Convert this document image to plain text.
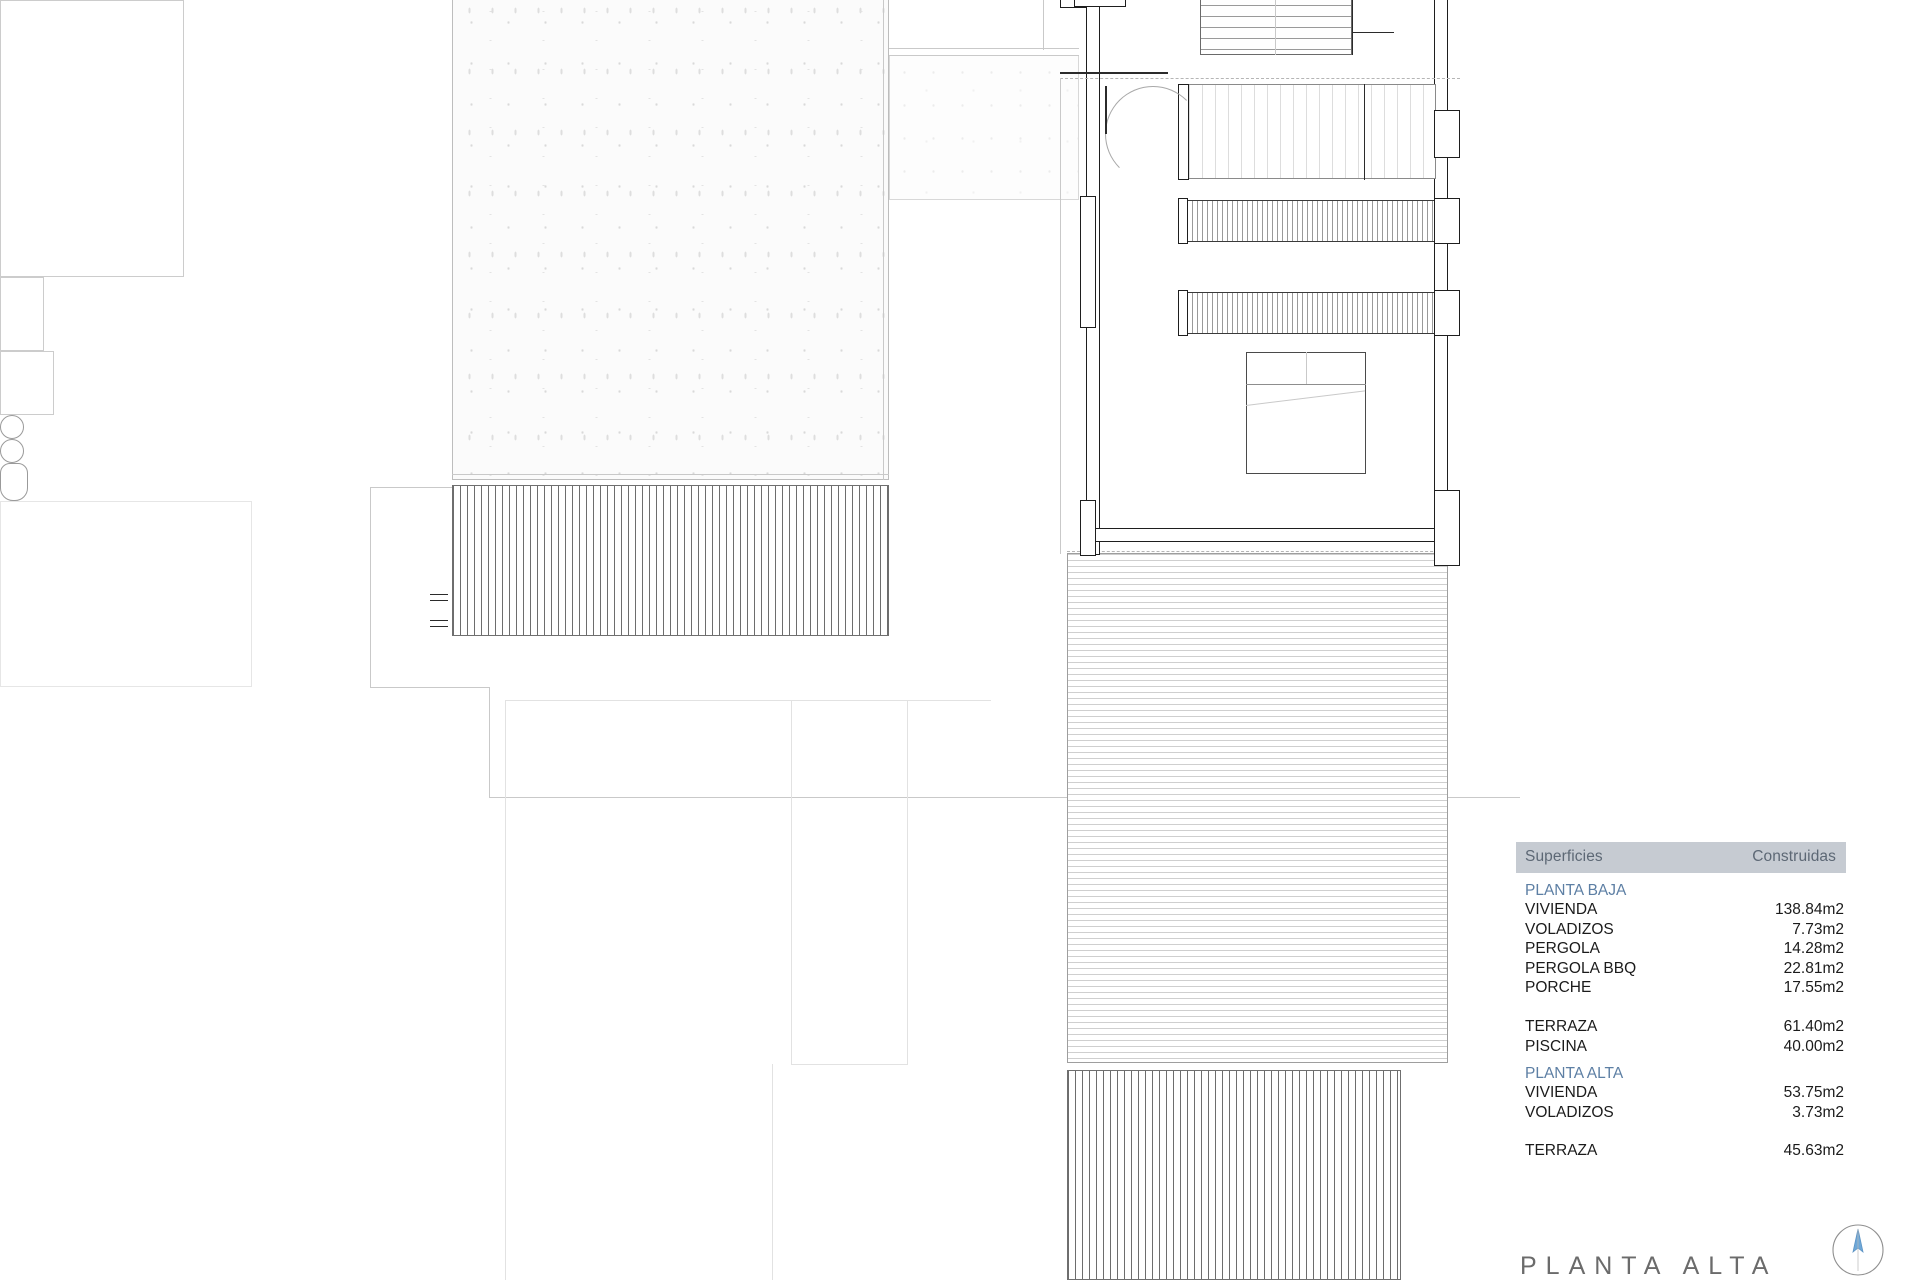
Superficies	Construidas
PLANTA BAJA
VIVIENDA	138.84m2
VOLADIZOS	7.73m2
PERGOLA	14.28m2
PERGOLA BBQ	22.81m2
PORCHE	17.55m2
TERRAZA	61.40m2
PISCINA	40.00m2
PLANTA ALTA
VIVIENDA	53.75m2
VOLADIZOS	3.73m2
TERRAZA	45.63m2
PLANTA ALTA
